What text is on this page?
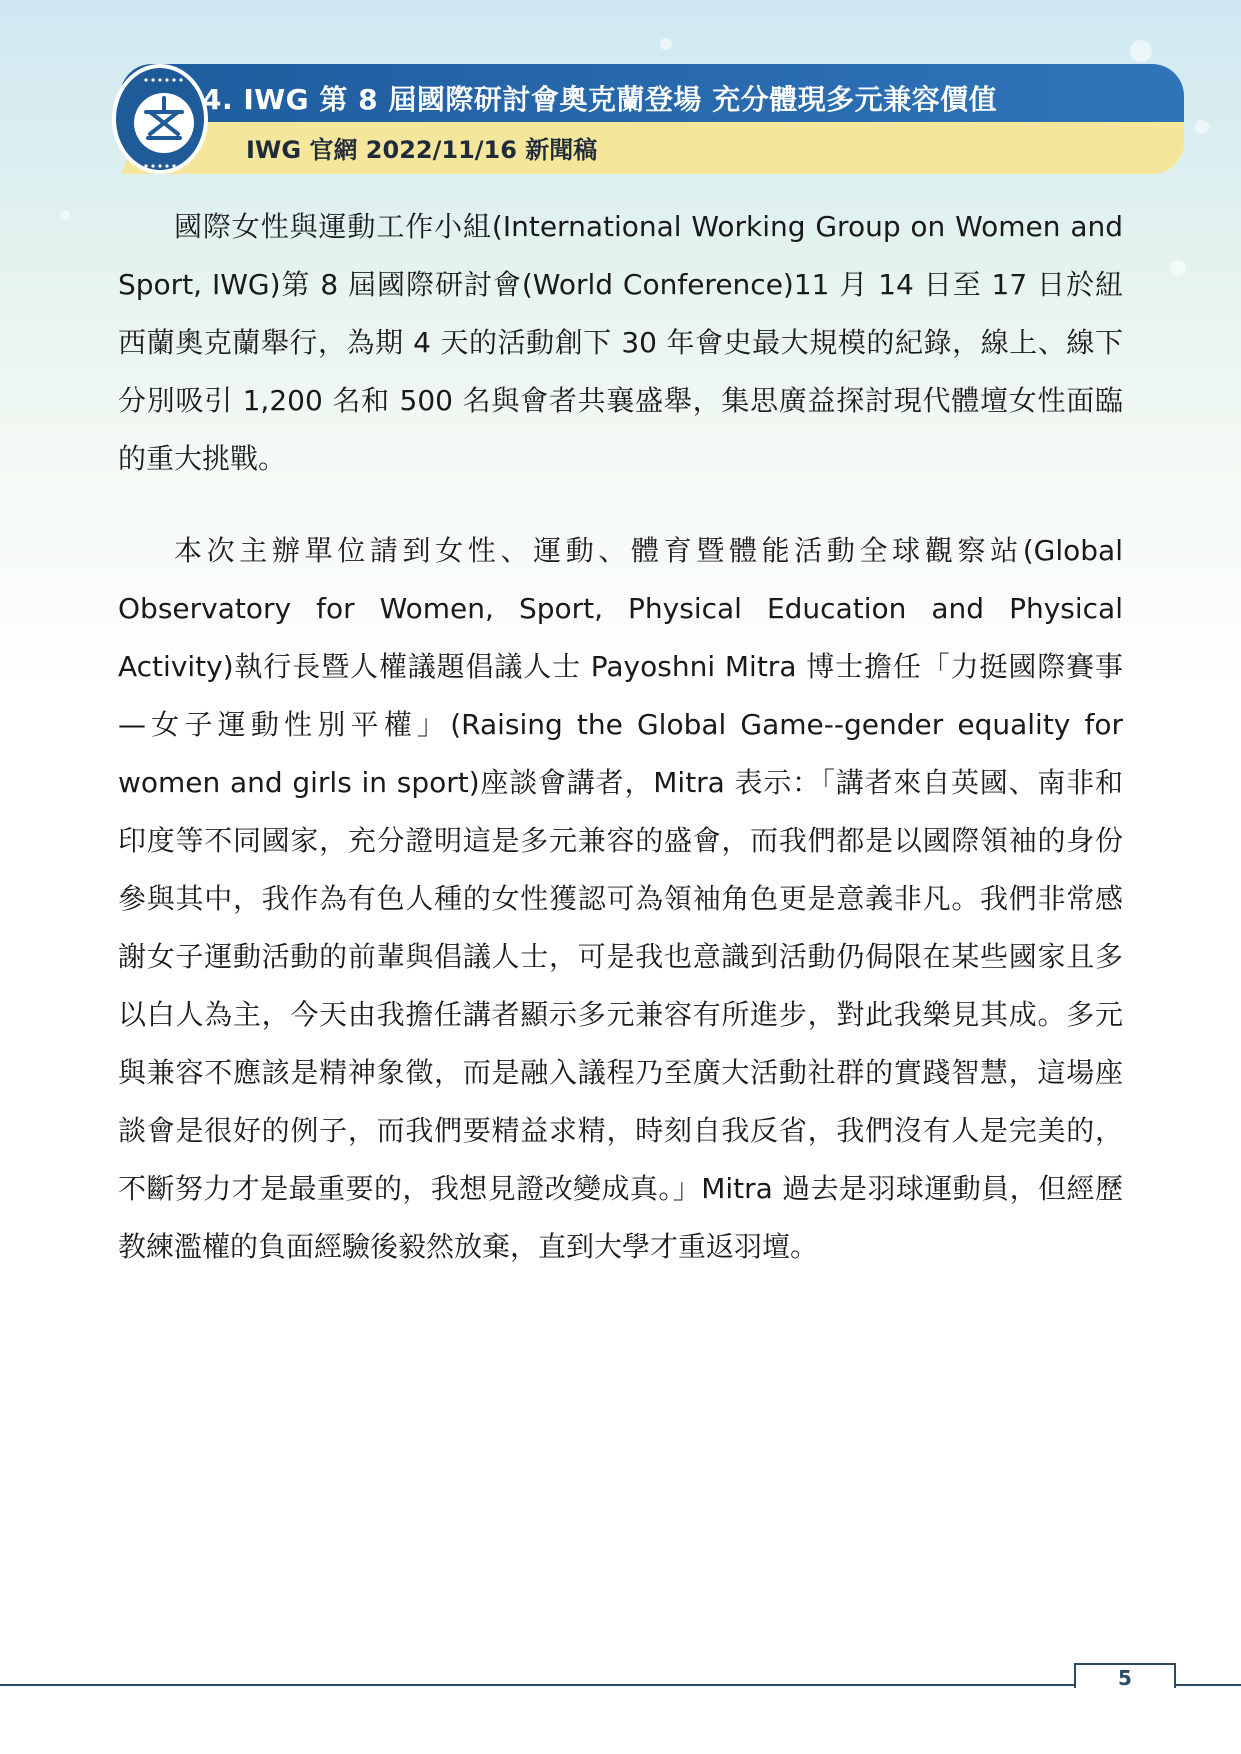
4. IWG 第 8 屆國際研討會奧克蘭登場 充分體現多元兼容價值
IWG 官網 2022/11/16 新聞稿

國際女性與運動工作小組(International Working Group on Women and Sport, IWG)第 8 屆國際研討會(World Conference)11 月 14 日至 17 日於紐西蘭奧克蘭舉行，為期 4 天的活動創下 30 年會史最大規模的紀錄，線上、線下分別吸引 1,200 名和 500 名與會者共襄盛舉，集思廣益探討現代體壇女性面臨的重大挑戰。

本次主辦單位請到女性、運動、體育暨體能活動全球觀察站(Global Observatory for Women, Sport, Physical Education and Physical Activity)執行長暨人權議題倡議人士 Payoshni Mitra 博士擔任「力挺國際賽事—女子運動性別平權」(Raising the Global Game--gender equality for women and girls in sport)座談會講者，Mitra 表示：「講者來自英國、南非和印度等不同國家，充分證明這是多元兼容的盛會，而我們都是以國際領袖的身份參與其中，我作為有色人種的女性獲認可為領袖角色更是意義非凡。我們非常感謝女子運動活動的前輩與倡議人士，可是我也意識到活動仍侷限在某些國家且多以白人為主，今天由我擔任講者顯示多元兼容有所進步，對此我樂見其成。多元與兼容不應該是精神象徵，而是融入議程乃至廣大活動社群的實踐智慧，這場座談會是很好的例子，而我們要精益求精，時刻自我反省，我們沒有人是完美的，不斷努力才是最重要的，我想見證改變成真。」Mitra 過去是羽球運動員，但經歷教練濫權的負面經驗後毅然放棄，直到大學才重返羽壇。

5
